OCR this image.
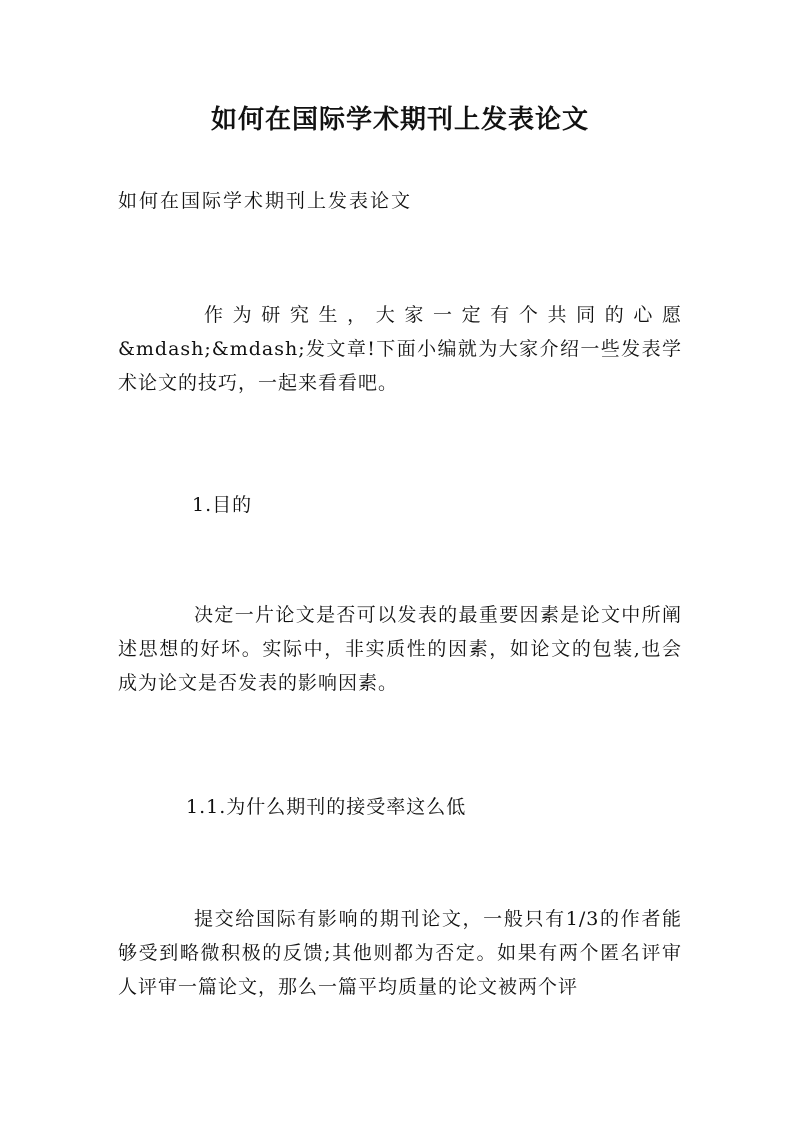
如何在国际学术期刊上发表论文

如何在国际学术期刊上发表论文

作为研究生，大家一定有个共同的心愿&mdash;&mdash;发文章!下面小编就为大家介绍一些发表学术论文的技巧，一起来看看吧。

1.目的

决定一片论文是否可以发表的最重要因素是论文中所阐述思想的好坏。实际中，非实质性的因素，如论文的包装,也会成为论文是否发表的影响因素。

1.1.为什么期刊的接受率这么低

提交给国际有影响的期刊论文，一般只有1/3的作者能够受到略微积极的反馈;其他则都为否定。如果有两个匿名评审人评审一篇论文，那么一篇平均质量的论文被两个评
